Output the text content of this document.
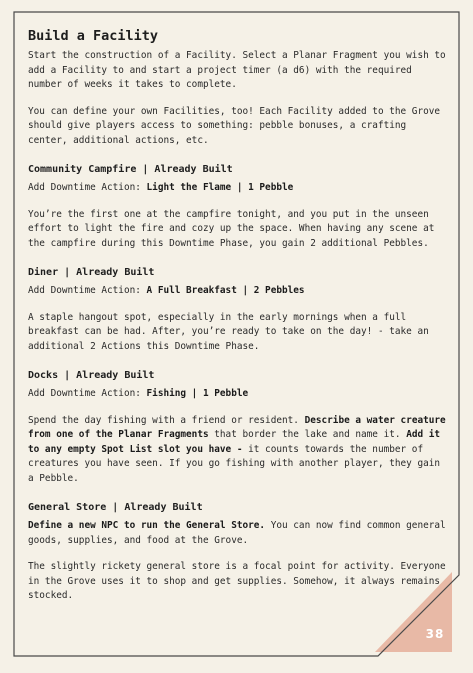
Build a Facility

Start the construction of a Facility. Select a Planar Fragment you wish to add a Facility to and start a project timer (a d6) with the required number of weeks it takes to complete.

You can define your own Facilities, too! Each Facility added to the Grove should give players access to something: pebble bonuses, a crafting center, additional actions, etc.

Community Campfire | Already Built

Add Downtime Action: Light the Flame | 1 Pebble

You’re the first one at the campfire tonight, and you put in the unseen effort to light the fire and cozy up the space. When having any scene at the campfire during this Downtime Phase, you gain 2 additional Pebbles.

Diner | Already Built

Add Downtime Action: A Full Breakfast | 2 Pebbles

A staple hangout spot, especially in the early mornings when a full breakfast can be had. After, you’re ready to take on the day! - take an additional 2 Actions this Downtime Phase.

Docks | Already Built

Add Downtime Action: Fishing | 1 Pebble

Spend the day fishing with a friend or resident. Describe a water creature from one of the Planar Fragments that border the lake and name it. Add it to any empty Spot List slot you have - it counts towards the number of creatures you have seen. If you go fishing with another player, they gain a Pebble.

General Store | Already Built

Define a new NPC to run the General Store. You can now find common general goods, supplies, and food at the Grove.

The slightly rickety general store is a focal point for activity. Everyone in the Grove uses it to shop and get supplies. Somehow, it always remains stocked.

38
